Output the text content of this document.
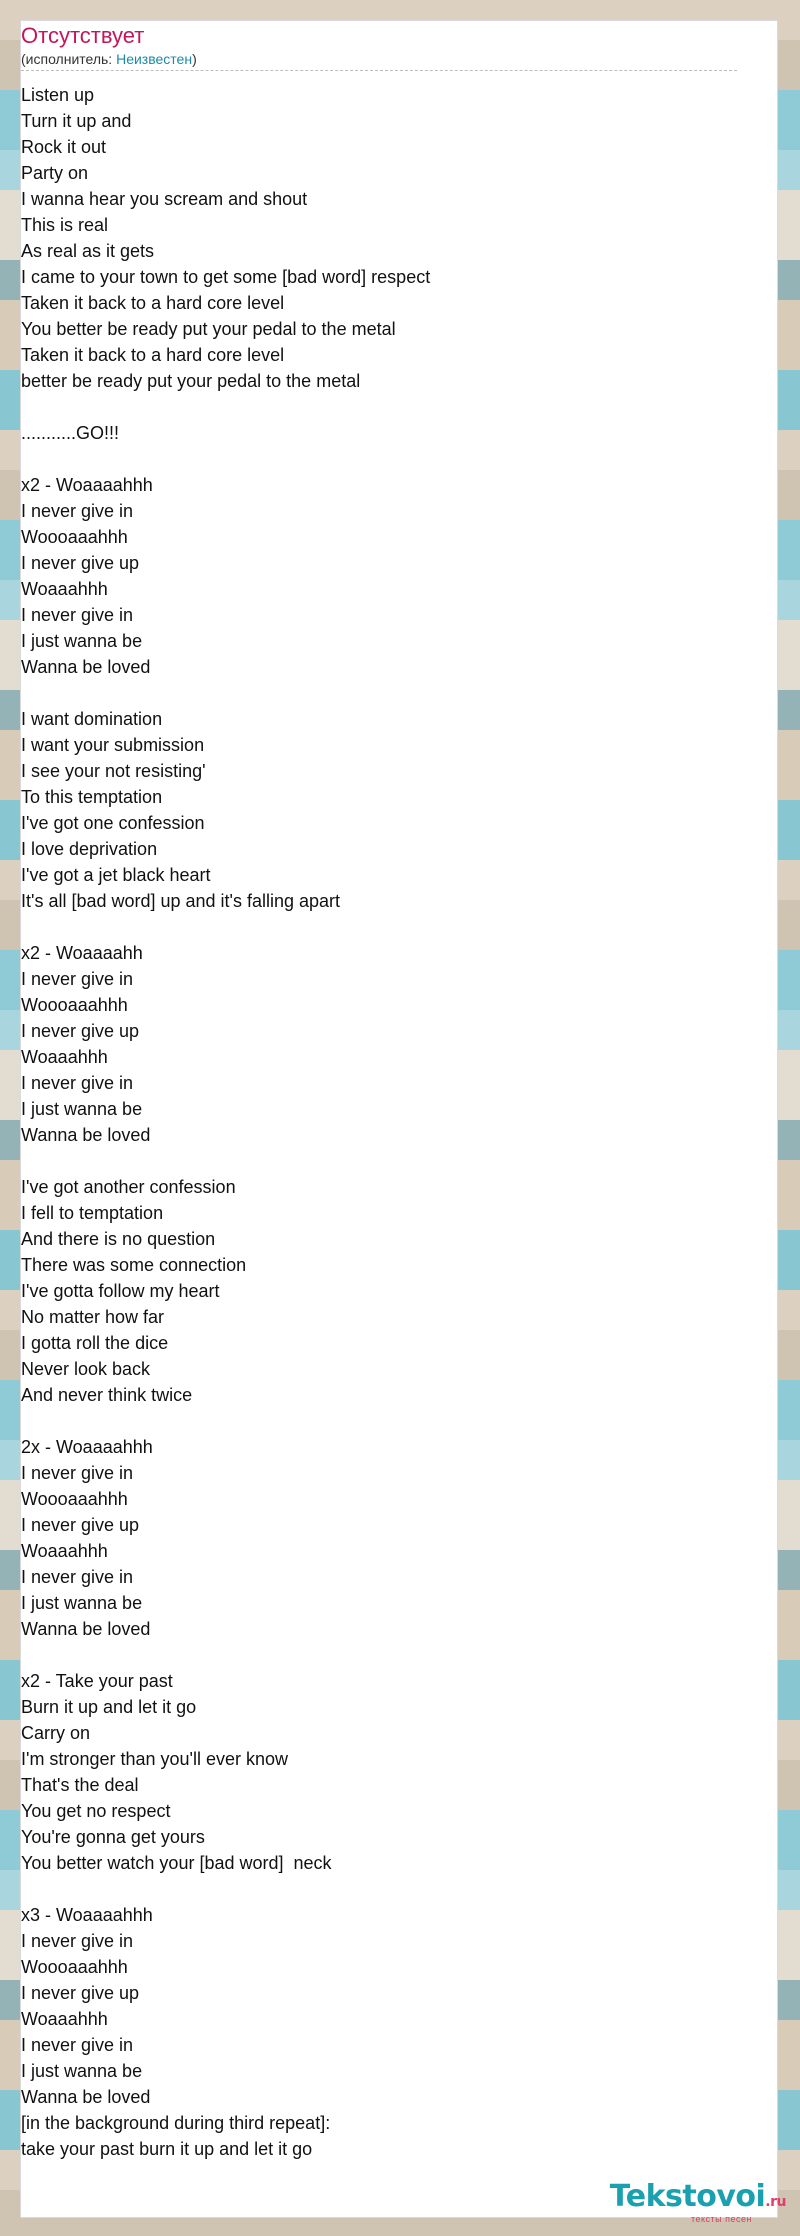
Отсутствует
(исполнитель: Неизвестен)
Listen up
Turn it up and
Rock it out
Party on
I wanna hear you scream and shout
This is real
As real as it gets
I came to your town to get some [bad word] respect
Taken it back to a hard core level
You better be ready put your pedal to the metal
Taken it back to a hard core level
better be ready put your pedal to the metal
...........GO!!!
x2 - Woaaaahhh
I never give in
Woooaaahhh
I never give up
Woaaahhh
I never give in
I just wanna be
Wanna be loved
I want domination
I want your submission
I see your not resisting'
To this temptation
I've got one confession
I love deprivation
I've got a jet black heart
It's all [bad word] up and it's falling apart
x2 - Woaaaahh
I never give in
Woooaaahhh
I never give up
Woaaahhh
I never give in
I just wanna be
Wanna be loved
I've got another confession
I fell to temptation
And there is no question
There was some connection
I've gotta follow my heart
No matter how far
I gotta roll the dice
Never look back
And never think twice
2x - Woaaaahhh
I never give in
Woooaaahhh
I never give up
Woaaahhh
I never give in
I just wanna be
Wanna be loved
x2 - Take your past
Burn it up and let it go
Carry on
I'm stronger than you'll ever know
That's the deal
You get no respect
You're gonna get yours
You better watch your [bad word]  neck
x3 - Woaaaahhh
I never give in
Woooaaahhh
I never give up
Woaaahhh
I never give in
I just wanna be
Wanna be loved
[in the background during third repeat]:
take your past burn it up and let it go
Tekstovoi.ru
тексты песен
